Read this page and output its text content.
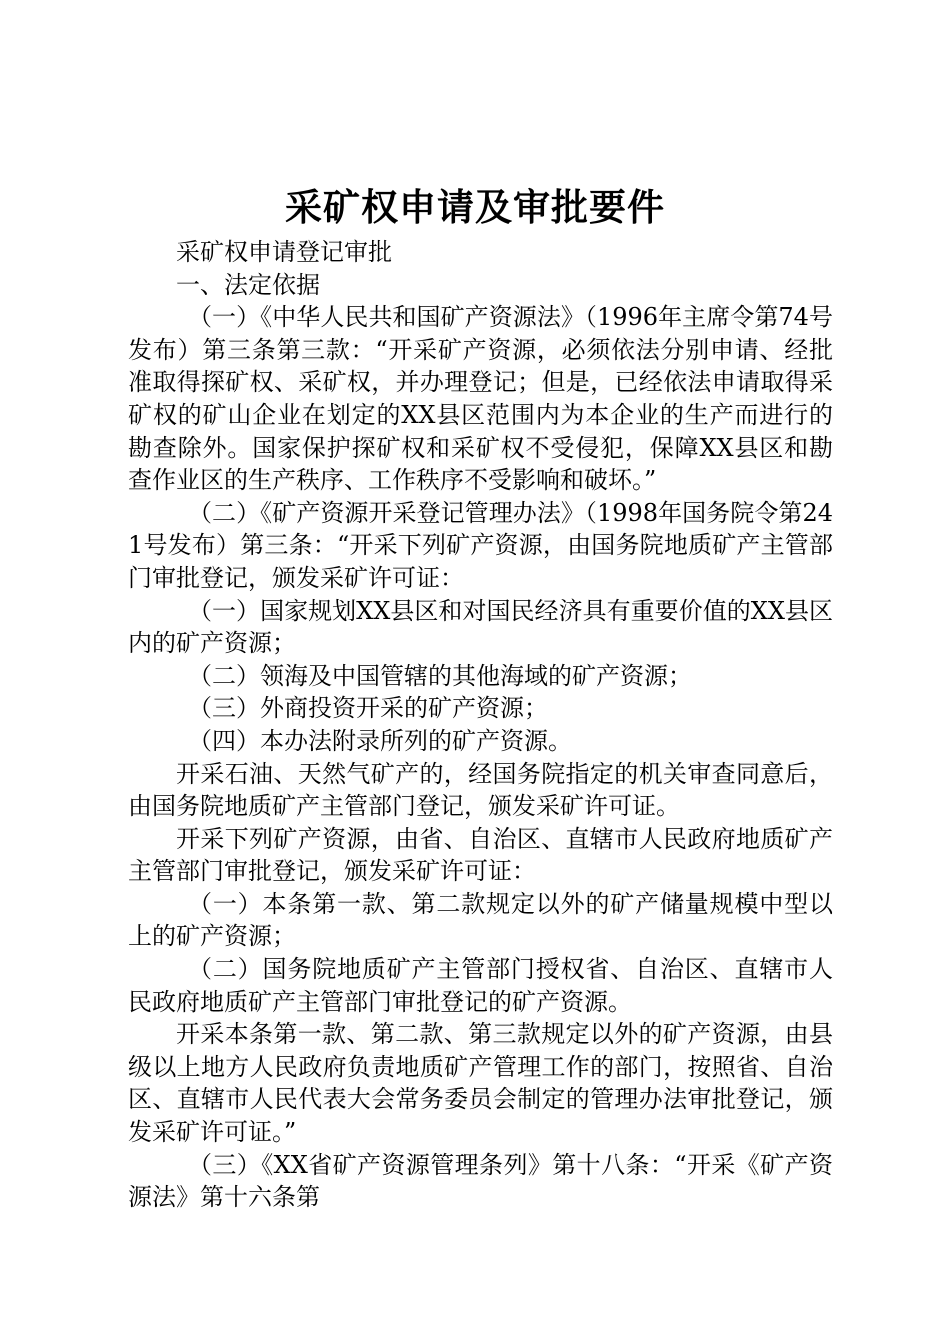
采矿权申请及审批要件

采矿权申请登记审批

一、法定依据

（一）《中华人民共和国矿产资源法》（1996年主席令第74号发布）第三条第三款：“开采矿产资源，必须依法分别申请、经批准取得探矿权、采矿权，并办理登记；但是，已经依法申请取得采矿权的矿山企业在划定的XX县区范围内为本企业的生产而进行的勘查除外。国家保护探矿权和采矿权不受侵犯，保障XX县区和勘查作业区的生产秩序、工作秩序不受影响和破坏。”

（二）《矿产资源开采登记管理办法》（1998年国务院令第241号发布）第三条：“开采下列矿产资源，由国务院地质矿产主管部门审批登记，颁发采矿许可证：

（一）国家规划XX县区和对国民经济具有重要价值的XX县区内的矿产资源；

（二）领海及中国管辖的其他海域的矿产资源；

（三）外商投资开采的矿产资源；

（四）本办法附录所列的矿产资源。

开采石油、天然气矿产的，经国务院指定的机关审查同意后，由国务院地质矿产主管部门登记，颁发采矿许可证。

开采下列矿产资源，由省、自治区、直辖市人民政府地质矿产主管部门审批登记，颁发采矿许可证：

（一）本条第一款、第二款规定以外的矿产储量规模中型以上的矿产资源；

（二）国务院地质矿产主管部门授权省、自治区、直辖市人民政府地质矿产主管部门审批登记的矿产资源。

开采本条第一款、第二款、第三款规定以外的矿产资源，由县级以上地方人民政府负责地质矿产管理工作的部门，按照省、自治区、直辖市人民代表大会常务委员会制定的管理办法审批登记，颁发采矿许可证。”

（三）《XX省矿产资源管理条列》第十八条：“开采《矿产资源法》第十六条第
